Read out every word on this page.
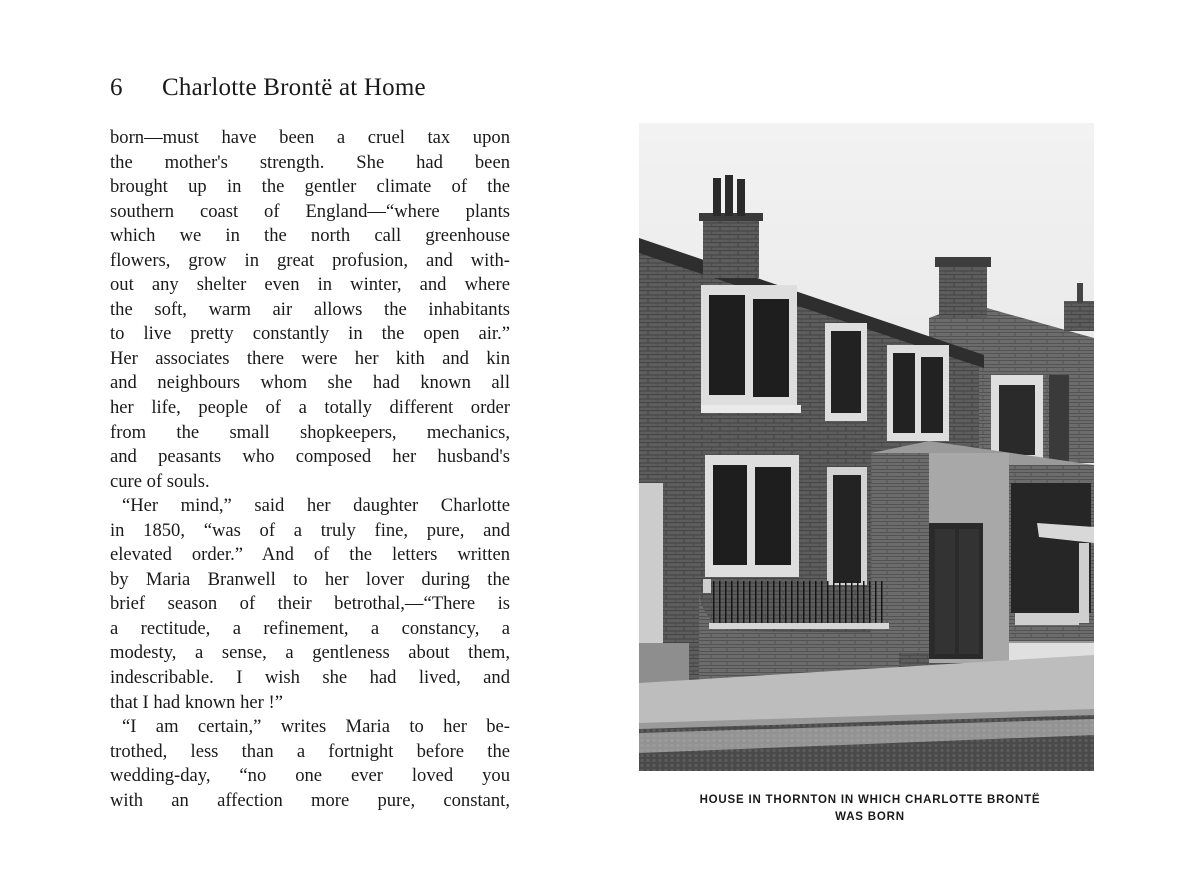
6 Charlotte Brontë at Home
born—must have been a cruel tax upon
the mother's strength. She had been
brought up in the gentler climate of the
southern coast of England—“where plants
which we in the north call greenhouse
flowers, grow in great profusion, and with-
out any shelter even in winter, and where
the soft, warm air allows the inhabitants
to live pretty constantly in the open air.”
Her associates there were her kith and kin
and neighbours whom she had known all
her life, people of a totally different order
from the small shopkeepers, mechanics,
and peasants who composed her husband's
cure of souls.
“Her mind,” said her daughter Charlotte
in 1850, “was of a truly fine, pure, and
elevated order.” And of the letters written
by Maria Branwell to her lover during the
brief season of their betrothal,—“There is
a rectitude, a refinement, a constancy, a
modesty, a sense, a gentleness about them,
indescribable. I wish she had lived, and
that I had known her !”
“I am certain,” writes Maria to her be-
trothed, less than a fortnight before the
wedding-day, “no one ever loved you
with an affection more pure, constant,	HOUSE IN THORNTON IN WHICH CHARLOTTE BRONTË
WAS BORN
